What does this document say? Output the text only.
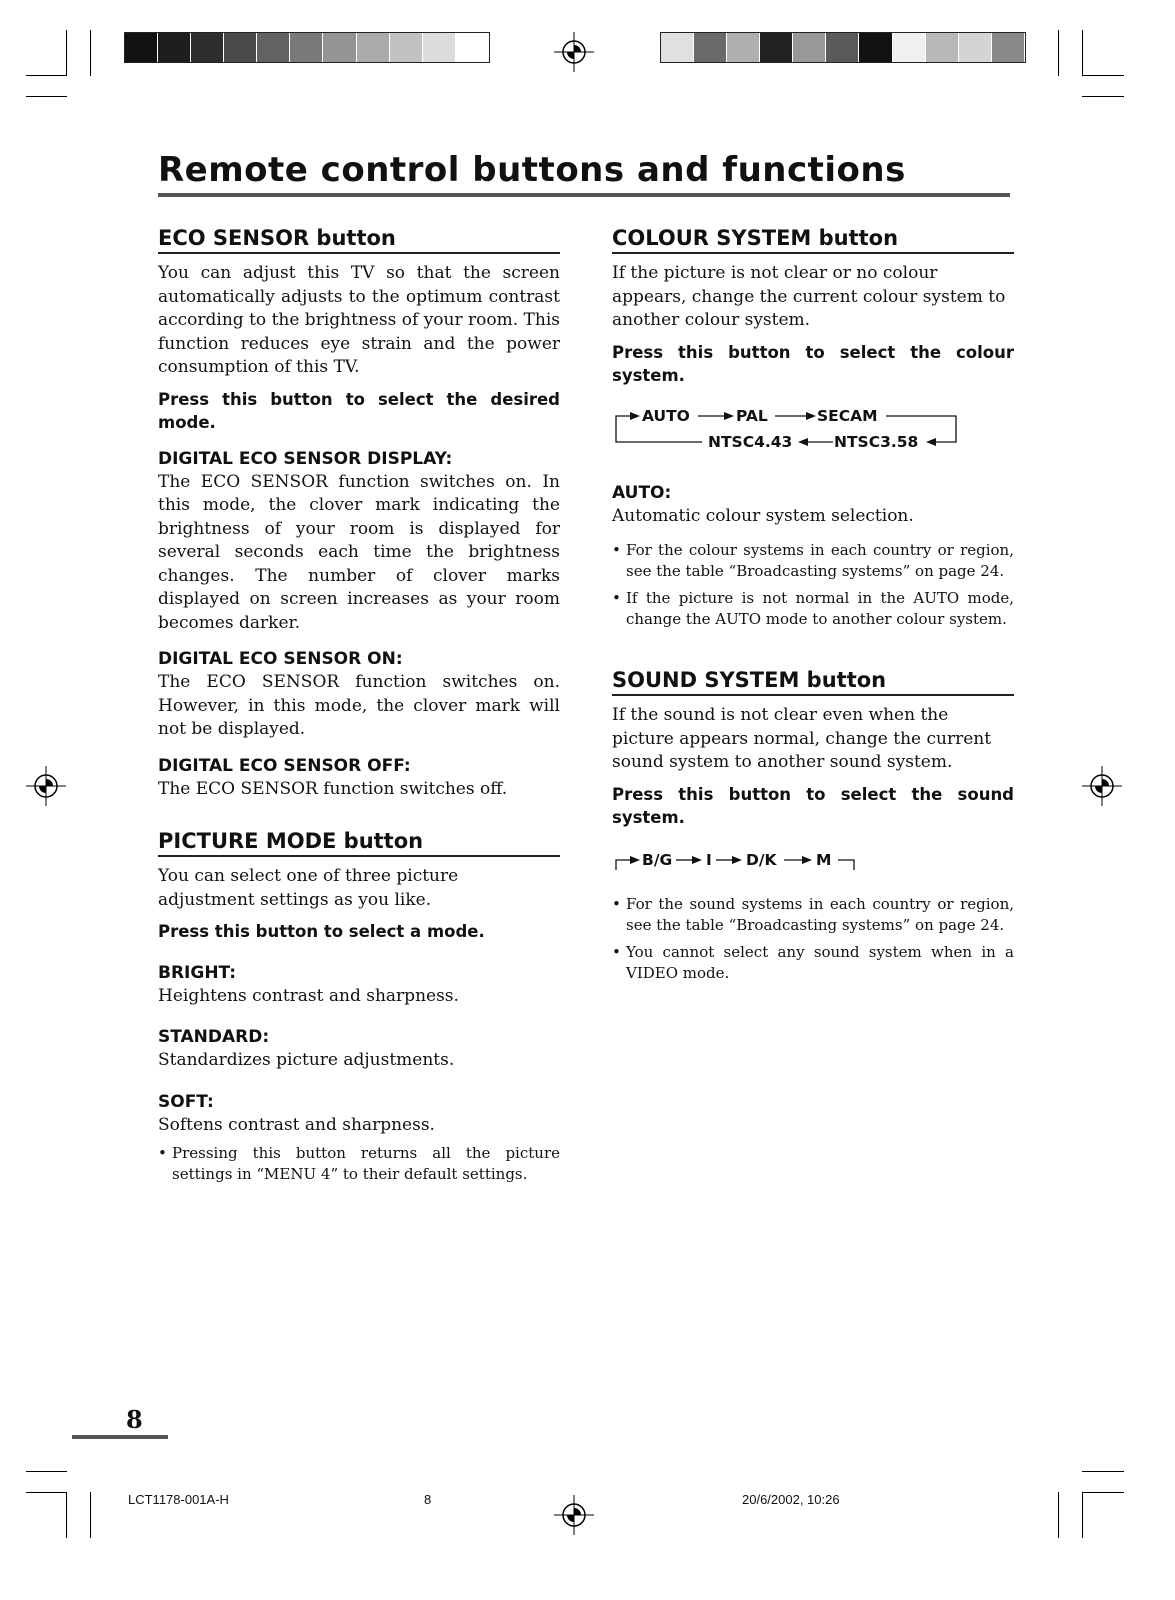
Remote control buttons and functions
ECO SENSOR button

You can adjust this TV so that the screen automatically adjusts to the optimum contrast according to the brightness of your room. This function reduces eye strain and the power consumption of this TV.

Press this button to select the desired mode.

DIGITAL ECO SENSOR DISPLAY:

The ECO SENSOR function switches on. In this mode, the clover mark indicating the brightness of your room is displayed for several seconds each time the brightness changes. The number of clover marks displayed on screen increases as your room becomes darker.

DIGITAL ECO SENSOR ON:

The ECO SENSOR function switches on. However, in this mode, the clover mark will not be displayed.

DIGITAL ECO SENSOR OFF:

The ECO SENSOR function switches off.

PICTURE MODE button

You can select one of three picture adjustment settings as you like.

Press this button to select a mode.

BRIGHT:

Heightens contrast and sharpness.

STANDARD:

Standardizes picture adjustments.

SOFT:

Softens contrast and sharpness.

• Pressing this button returns all the picture settings in “MENU 4” to their default settings.

COLOUR SYSTEM button

If the picture is not clear or no colour appears, change the current colour system to another colour system.

Press this button to select the colour system.

AUTO	PAL	SECAM
NTSC4.43	NTSC3.58
AUTO:

Automatic colour system selection.

• For the colour systems in each country or region, see the table “Broadcasting systems” on page 24.

• If the picture is not normal in the AUTO mode, change the AUTO mode to another colour system.

SOUND SYSTEM button

If the sound is not clear even when the picture appears normal, change the current sound system to another sound system.

Press this button to select the sound system.

B/G I D/K	M

• For the sound systems in each country or region, see the table “Broadcasting systems” on page 24.

• You cannot select any sound system when in a VIDEO mode.

8
LCT1178-001A-H	8	20/6/2002, 10:26
